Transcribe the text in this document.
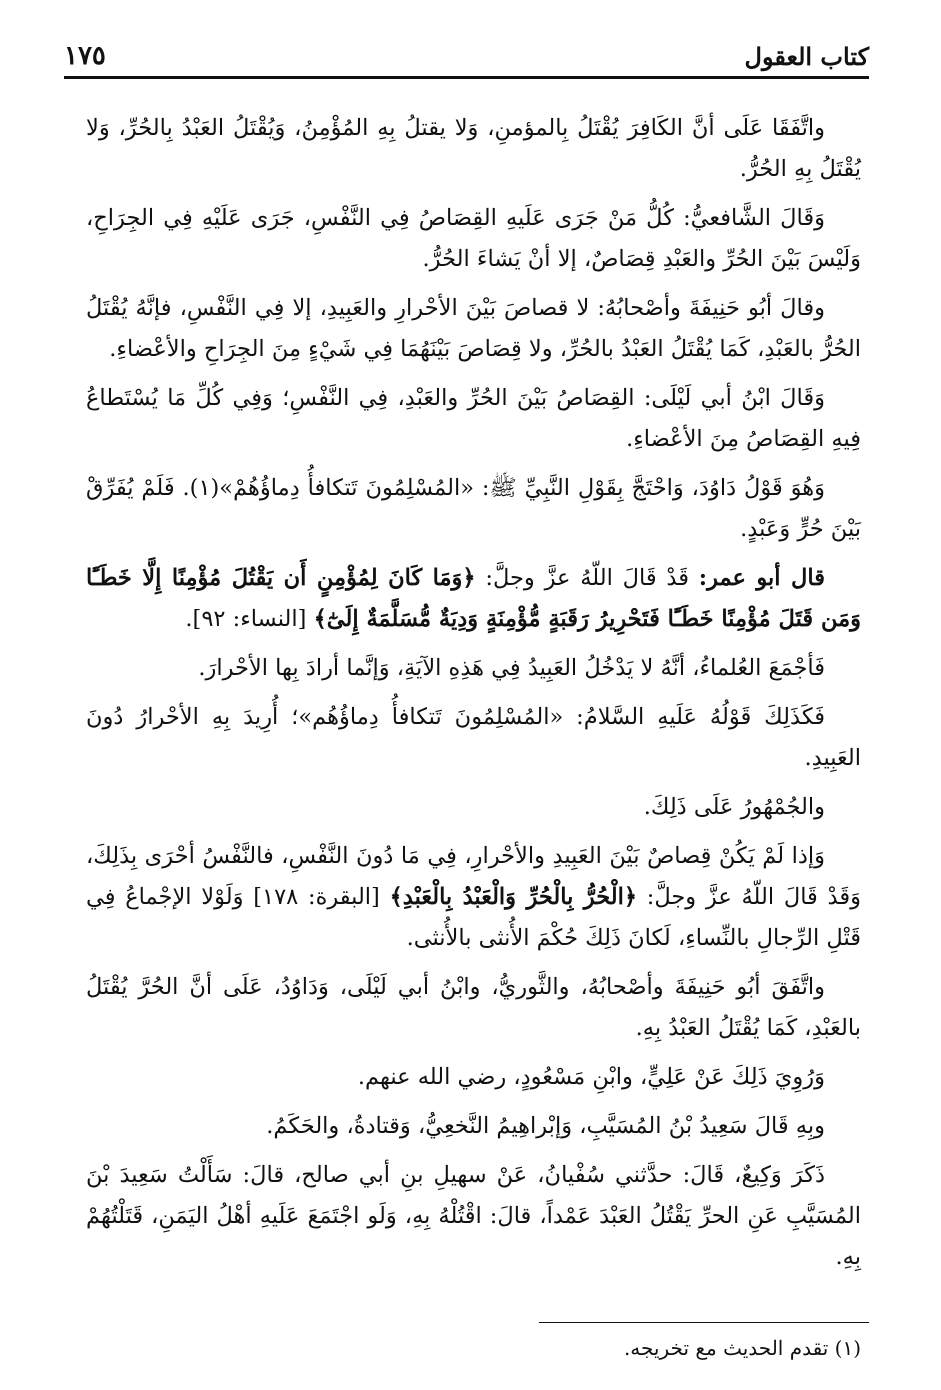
كتاب العقول
١٧٥

واتَّفَقَا عَلَى أنَّ الكَافِرَ يُقْتَلُ بِالمؤمنِ، وَلا يقتلُ بِهِ المُؤْمِنُ، وَيُقْتَلُ العَبْدُ بِالحُرِّ، وَلا يُقْتَلُ بِهِ الحُرُّ.

وَقَالَ الشَّافعيُّ: كُلُّ مَنْ جَرَى عَلَيهِ القِصَاصُ فِي النَّفْسِ، جَرَى عَلَيْهِ فِي الجِرَاحِ، وَلَيْسَ بَيْنَ الحُرِّ والعَبْدِ قِصَاصٌ، إلا أنْ يَشاءَ الحُرُّ.

وقالَ أبُو حَنِيفَةَ وأصْحابُهُ: لا قصاصَ بَيْنَ الأحْرارِ والعَبِيدِ، إلا فِي النَّفْسِ، فإنَّهُ يُقْتَلُ الحُرُّ بالعَبْدِ، كَمَا يُقْتَلُ العَبْدُ بالحُرِّ، ولا قِصَاصَ بَيْنَهُمَا فِي شَيْءٍ مِنَ الجِرَاحِ والأعْضاءِ.

وَقَالَ ابْنُ أبي لَيْلَى: القِصَاصُ بَيْنَ الحُرِّ والعَبْدِ، فِي النَّفْسِ؛ وَفِي كُلِّ مَا يُسْتَطاعُ فِيهِ القِصَاصُ مِنَ الأعْضاءِ.

وَهُوَ قَوْلُ دَاوُدَ، وَاحْتَجَّ بِقَوْلِ النَّبِيِّ ﷺ: «المُسْلِمُونَ تَتكافأُ دِماؤُهُمْ»(١). فَلَمْ يُفَرِّقْ بَيْنَ حُرٍّ وَعَبْدٍ.

قال أبو عمر: قَدْ قَالَ اللّهُ عزَّ وجلَّ: ﴿وَمَا كَانَ لِمُؤْمِنٍ أَن يَقْتُلَ مُؤْمِنًا إِلَّا خَطَـًٔا وَمَن قَتَلَ مُؤْمِنًا خَطَـًٔا فَتَحْرِيرُ رَقَبَةٍ مُّؤْمِنَةٍ وَدِيَةٌ مُّسَلَّمَةٌ إِلَىٰٓ﴾ [النساء: ٩٢].

فَأجْمَعَ العُلماءُ، أنَّهُ لا يَدْخُلُ العَبِيدُ فِي هَذِهِ الآيَةِ، وَإنَّما أرادَ بِها الأحْرارَ.

فَكَذَلِكَ قَوْلُهُ عَلَيهِ السَّلامُ: «المُسْلِمُونَ تَتكافأُ دِماؤُهُم»؛ أُرِيدَ بِهِ الأحْرارُ دُونَ العَبِيدِ.

والجُمْهُورُ عَلَى ذَلِكَ.

وَإذا لَمْ يَكُنْ قِصاصٌ بَيْنَ العَبِيدِ والأحْرارِ، فِي مَا دُونَ النَّفْسِ، فالنَّفْسُ أحْرَى بِذَلِكَ، وَقَدْ قَالَ اللّهُ عزَّ وجلَّ: ﴿الْحُرُّ بِالْحُرِّ وَالْعَبْدُ بِالْعَبْدِ﴾ [البقرة: ١٧٨] وَلَوْلا الإجْماعُ فِي قَتْلِ الرِّجالِ بالنِّساءِ، لَكانَ ذَلِكَ حُكْمَ الأُنثى بالأُنثى.

واتَّفَقَ أبُو حَنِيفَةَ وأصْحابُهُ، والثَّوريُّ، وابْنُ أبي لَيْلَى، وَدَاوُدُ، عَلَى أنَّ الحُرَّ يُقْتَلُ بالعَبْدِ، كَمَا يُقْتَلُ العَبْدُ بِهِ.

وَرُوِيَ ذَلِكَ عَنْ عَلِيٍّ، وابْنِ مَسْعُودٍ، رضي الله عنهم.

وبِهِ قَالَ سَعِيدُ بْنُ المُسَيَّبِ، وَإبْراهِيمُ النَّخعِيُّ، وَقتادةُ، والحَكَمُ.

ذَكَرَ وَكِيعٌ، قَالَ: حدَّثني سُفْيانُ، عَنْ سهيلِ بنِ أبي صالح، قالَ: سَأَلْتُ سَعِيدَ بْنَ المُسَيَّبِ عَنِ الحرِّ يَقْتُلُ العَبْدَ عَمْداً، قالَ: اقْتُلْهُ بِهِ، وَلَو اجْتَمَعَ عَلَيهِ أهْلُ اليَمَنِ، قَتَلْتُهُمْ بِهِ.

(١) تقدم الحديث مع تخريجه.
